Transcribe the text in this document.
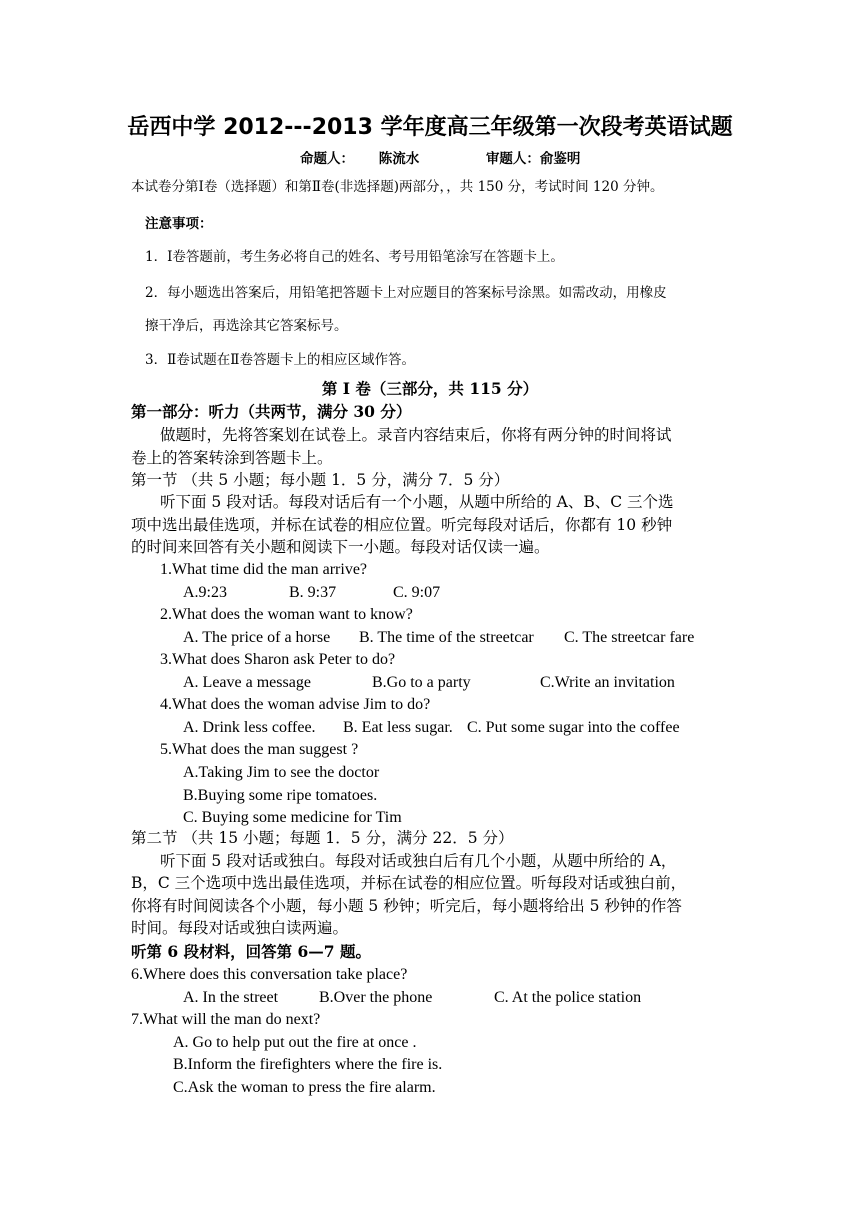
岳西中学 2012---2013 学年度高三年级第一次段考英语试题
命题人： 陈流水	审题人：俞鉴明
本试卷分第Ⅰ卷（选择题）和第Ⅱ卷(非选择题)两部分，，共 150 分，考试时间 120 分钟。
注意事项：
1．Ⅰ卷答题前，考生务必将自己的姓名、考号用铅笔涂写在答题卡上。
2．每小题选出答案后，用铅笔把答题卡上对应题目的答案标号涂黑。如需改动，用橡皮
擦干净后，再选涂其它答案标号。
3．Ⅱ卷试题在Ⅱ卷答题卡上的相应区域作答。
第 I 卷（三部分，共 115 分）
第一部分：听力（共两节，满分 30 分）
做题时，先将答案划在试卷上。录音内容结束后，你将有两分钟的时间将试
卷上的答案转涂到答题卡上。
第一节 （共 5 小题；每小题 1．5 分，满分 7．5 分）
听下面 5 段对话。每段对话后有一个小题，从题中所给的 A、B、C 三个选
项中选出最佳选项，并标在试卷的相应位置。听完每段对话后，你都有 10 秒钟
的时间来回答有关小题和阅读下一小题。每段对话仅读一遍。
1.What time did the man arrive?
A.9:23	B. 9:37	C. 9:07
2.What does the woman want to know?
A. The price of a horse B. The time of the streetcar C. The streetcar fare
3.What does Sharon ask Peter to do?
A. Leave a message	B.Go to a party	C.Write an invitation
4.What does the woman advise Jim to do?
A. Drink less coffee. B. Eat less sugar. C. Put some sugar into the coffee
5.What does the man suggest ?
A.Taking Jim to see the doctor
B.Buying some ripe tomatoes.
C. Buying some medicine for Tim
第二节 （共 15 小题；每题 1．5 分，满分 22．5 分）
听下面 5 段对话或独白。每段对话或独白后有几个小题，从题中所给的 A，
B，C 三个选项中选出最佳选项，并标在试卷的相应位置。听每段对话或独白前，
你将有时间阅读各个小题，每小题 5 秒钟；听完后，每小题将给出 5 秒钟的作答
时间。每段对话或独白读两遍。
听第 6 段材料，回答第 6—7 题。
6.Where does this conversation take place?
A. In the street	B.Over the phone	C. At the police station
7.What will the man do next?
A. Go to help put out the fire at once .
B.Inform the firefighters where the fire is.
C.Ask the woman to press the fire alarm.
